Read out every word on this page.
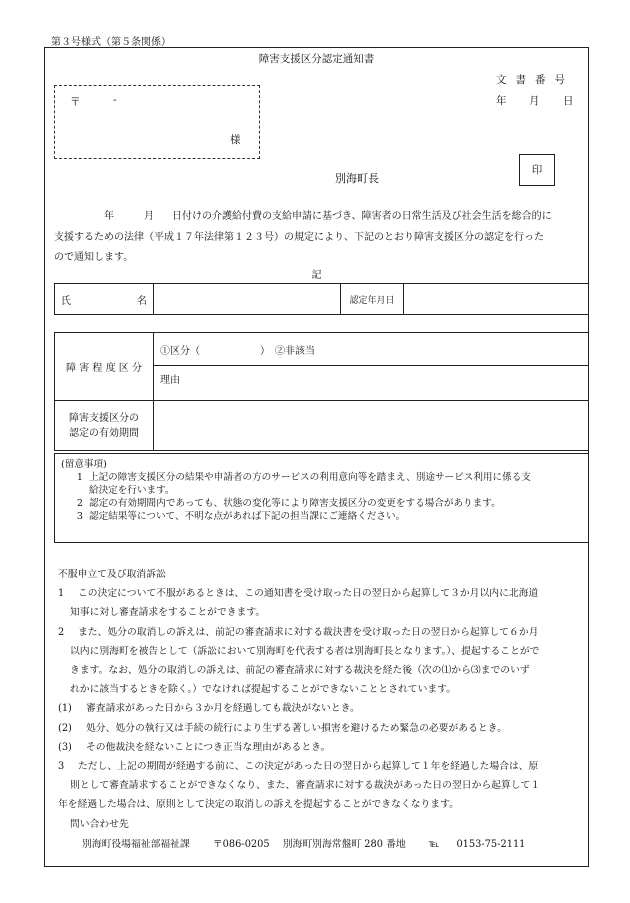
第３号様式（第５条関係）
障害支援区分認定通知書
文書番号
年 月 日
〒	-
様
別海町長
印
年	月 日付けの介護給付費の支給申請に基づき、障害者の日常生活及び社会生活を総合的に
支援するための法律（平成１７年法律第１２３号）の規定により、下記のとおり障害支援区分の認定を行った
ので通知します。
記
氏	名		認定年月日	
障 害 程 度 区 分	①区分（　　　　　　）　②非該当
	理由

障害支援区分の
認定の有効期間	

(留意事項)
1 上記の障害支援区分の結果や申請者の方のサービスの利用意向等を踏まえ、別途サービス利用に係る支
給決定を行います。
2 認定の有効期間内であっても、状態の変化等により障害支援区分の変更をする場合があります。
3 認定結果等について、不明な点があれば下記の担当課にご連絡ください。
不服申立て及び取消訴訟
1	この決定について不服があるときは、この通知書を受け取った日の翌日から起算して３か月以内に北海道
知事に対し審査請求をすることができます。
2	また、処分の取消しの訴えは、前記の審査請求に対する裁決書を受け取った日の翌日から起算して６か月
以内に別海町を被告として（訴訟において別海町を代表する者は別海町長となります。）、提起することがで
きます。なお、処分の取消しの訴えは、前記の審査請求に対する裁決を経た後（次の⑴から⑶までのいず
れかに該当するときを除く。）でなければ提起することができないこととされています。
(1)	審査請求があった日から３か月を経過しても裁決がないとき。
(2)	処分、処分の執行又は手続の続行により生ずる著しい損害を避けるため緊急の必要があるとき。
(3)	その他裁決を経ないことにつき正当な理由があるとき。
3	ただし、上記の期間が経過する前に、この決定があった日の翌日から起算して１年を経過した場合は、原
則として審査請求することができなくなり、また、審査請求に対する裁決があった日の翌日から起算して１
年を経過した場合は、原則として決定の取消しの訴えを提起することができなくなります。
問い合わせ先
別海町役場福祉部福祉課 〒086-0205 別海町別海常盤町 280 番地 ℡ 0153-75-2111
